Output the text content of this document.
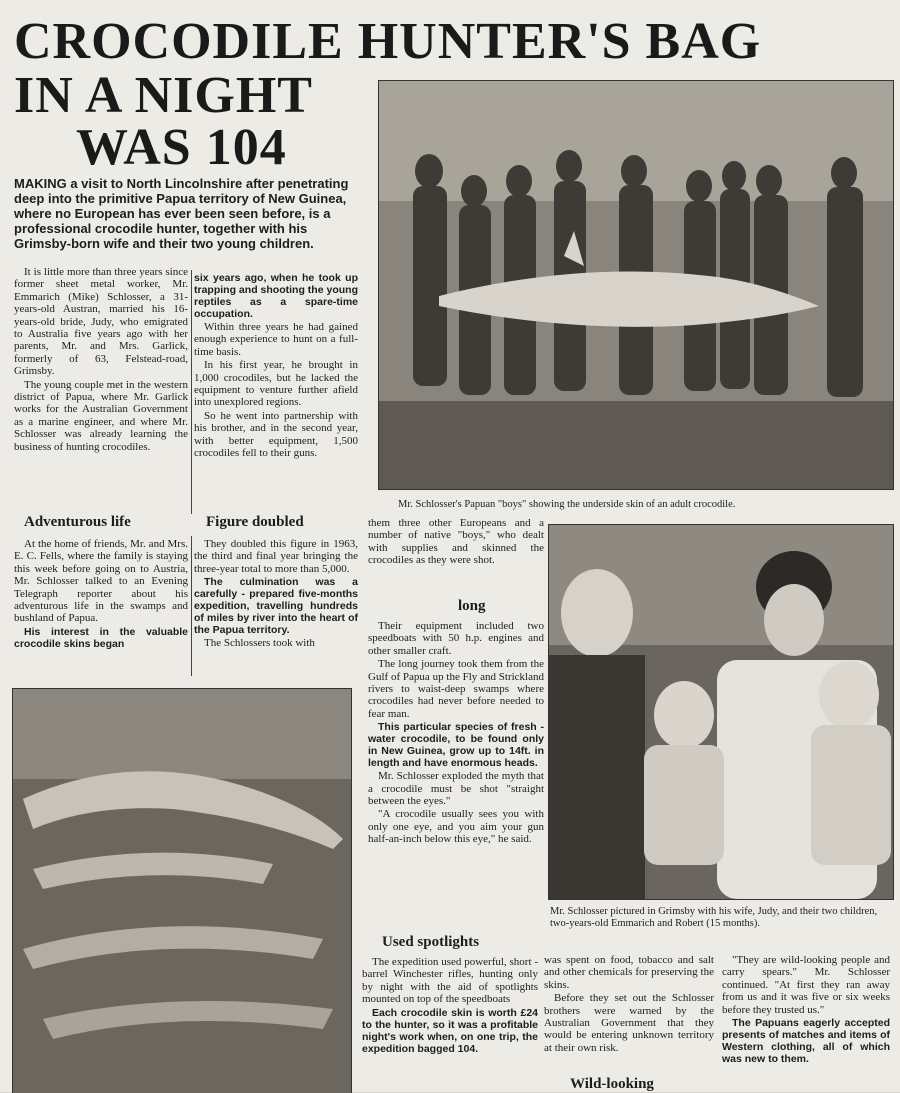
CROCODILE HUNTER'S BAG
IN A NIGHT
WAS 104

MAKING a visit to North Lincolnshire after penetrating deep into the primitive Papua territory of New Guinea, where no European has ever been seen before, is a professional crocodile hunter, together with his Grimsby-born wife and their two young children.

It is little more than three years since former sheet metal worker, Mr. Emmarich (Mike) Schlosser, a 31-years-old Austran, married his 16-years-old bride, Judy, who emigrated to Australia five years ago with her parents, Mr. and Mrs. Garlick, formerly of 63, Felstead-road, Grimsby.

The young couple met in the western district of Papua, where Mr. Garlick works for the Australian Government as a marine engineer, and where Mr. Schlosser was already learning the business of hunting crocodiles.

six years ago, when he took up trapping and shooting the young reptiles as a spare-time occupation.

Within three years he had gained enough experience to hunt on a full-time basis.

In his first year, he brought in 1,000 crocodiles, but he lacked the equipment to venture further afield into unexplored regions.

So he went into partnership with his brother, and in the second year, with better equipment, 1,500 crocodiles fell to their guns.

Adventurous life	Figure doubled

At the home of friends, Mr. and Mrs. E. C. Fells, where the family is staying this week before going on to Austria, Mr. Schlosser talked to an Evening Telegraph reporter about his adventurous life in the swamps and bushland of Papua.

His interest in the valuable crocodile skins began

They doubled this figure in 1963, the third and final year bringing the three-year total to more than 5,000.

The culmination was a carefully - prepared five-months expedition, travelling hundreds of miles by river into the heart of the Papua territory.

The Schlossers took with

Mr. Schlosser's Papuan "boys" showing the underside skin of an adult crocodile.

them three other Europeans and a number of native "boys," who dealt with supplies and skinned the crocodiles as they were shot.

long

Their equipment included two speedboats with 50 h.p. engines and other smaller craft.

The long journey took them from the Gulf of Papua up the Fly and Strickland rivers to waist-deep swamps where crocodiles had never before needed to fear man.

This particular species of fresh - water crocodile, to be found only in New Guinea, grow up to 14ft. in length and have enormous heads.

Mr. Schlosser exploded the myth that a crocodile must be shot "straight between the eyes."

"A crocodile usually sees you with only one eye, and you aim your gun half-an-inch below this eye," he said.

Used spotlights

The expedition used powerful, short - barrel Winchester rifles, hunting only by night with the aid of spotlights mounted on top of the speedboats

Each crocodile skin is worth £24 to the hunter, so it was a profitable night's work when, on one trip, the expedition bagged 104.

Mr. Schlosser pictured in Grimsby with his wife, Judy, and their two children, two-years-old Emmarich and Robert (15 months).

was spent on food, tobacco and salt and other chemicals for preserving the skins.

Before they set out the Schlosser brothers were warned by the Australian Government that they would be entering unknown territory at their own risk.

Wild-looking

"They are wild-looking people and carry spears." Mr. Schlosser continued. "At first they ran away from us and it was five or six weeks before they trusted us."

The Papuans eagerly accepted presents of matches and items of Western clothing, all of which was new to them.
